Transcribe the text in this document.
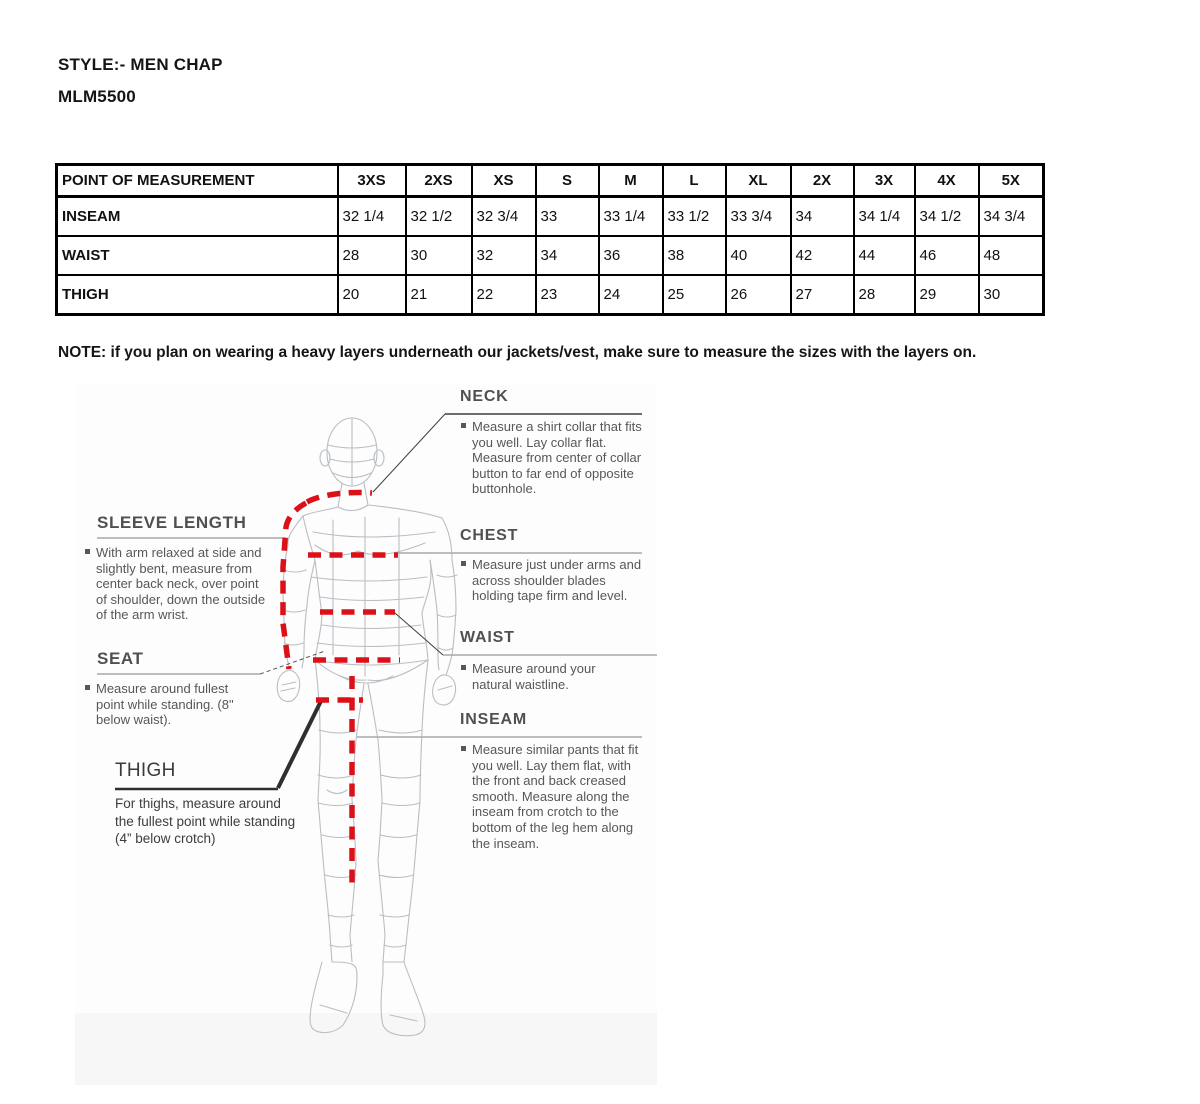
STYLE:- MEN CHAP
MLM5500
POINT OF MEASUREMENT	3XS	2XS	XS	S	M	L	XL	2X	3X	4X	5X
INSEAM	32 1/4	32 1/2	32 3/4	33	33 1/4	33 1/2	33 3/4	34	34 1/4	34 1/2	34 3/4
WAIST	28	30	32	34	36	38	40	42	44	46	48
THIGH	20	21	22	23	24	25	26	27	28	29	30
NOTE: if you plan on wearing a heavy layers underneath our jackets/vest, make sure to measure the sizes with the layers on.
NECK
Measure a shirt collar that fits you well. Lay collar flat. Measure from center of collar button to far end of opposite buttonhole.
CHEST
Measure just under arms and across shoulder blades holding tape firm and level.
WAIST
Measure around your natural waistline.
INSEAM
Measure similar pants that fit you well. Lay them flat, with the front and back creased smooth. Measure along the inseam from crotch to the bottom of the leg hem along the inseam.
SLEEVE LENGTH
With arm relaxed at side and slightly bent, measure from center back neck, over point of shoulder, down the outside of the arm wrist.
SEAT
Measure around fullest point while standing. (8" below waist).
THIGH
For thighs, measure around the fullest point while standing (4” below crotch)
